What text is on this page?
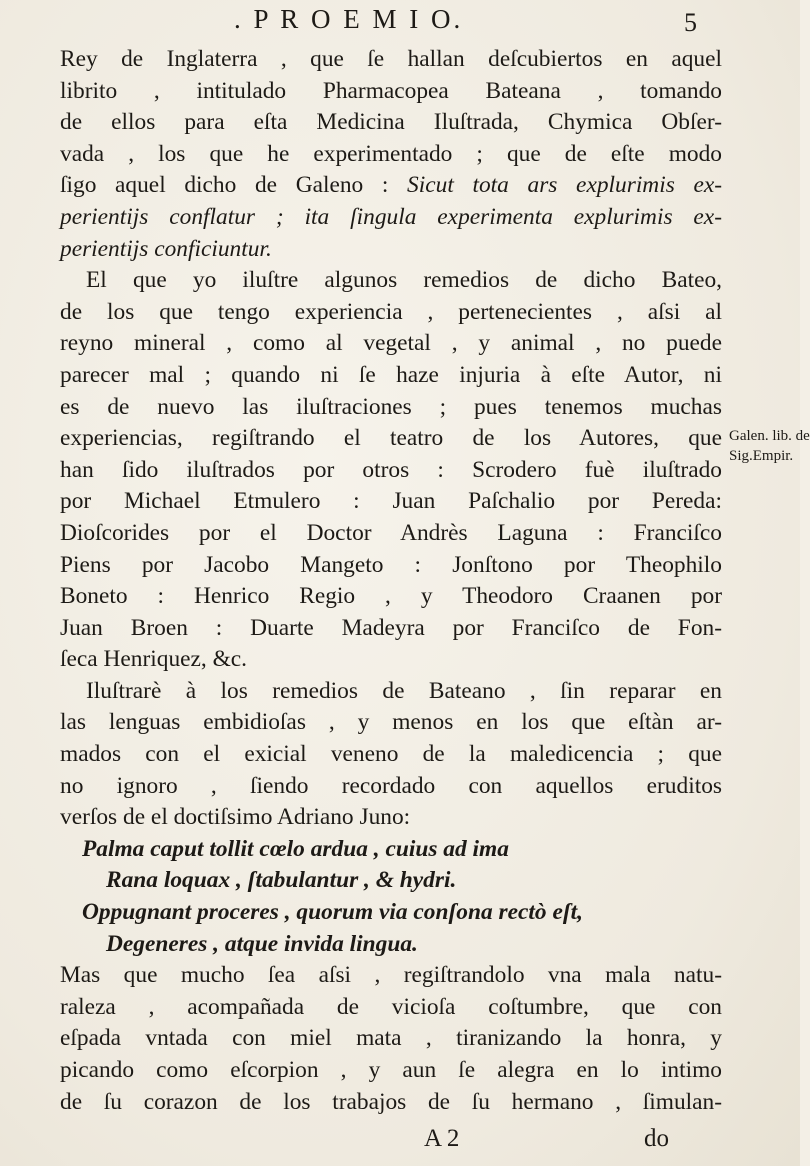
. P R O E M I O.	5
Rey de Inglaterra , que ſe hallan deſcubiertos en aquel
librito , intitulado Pharmacopea Bateana , tomando
de ellos para eſta Medicina Iluſtrada, Chymica Obſer-
vada , los que he experimentado ; que de eſte modo
ſigo aquel dicho de Galeno : Sicut tota ars explurimis ex-
perientijs conflatur ; ita ſingula experimenta explurimis ex-
perientijs conficiuntur.
El que yo iluſtre algunos remedios de dicho Bateo,
de los que tengo experiencia , pertenecientes , aſsi al
reyno mineral , como al vegetal , y animal , no puede
parecer mal ; quando ni ſe haze injuria à eſte Autor, ni
es de nuevo las iluſtraciones ; pues tenemos muchas
experiencias, regiſtrando el teatro de los Autores, que
han ſido iluſtrados por otros : Scrodero fuè iluſtrado
por Michael Etmulero : Juan Paſchalio por Pereda:
Dioſcorides por el Doctor Andrès Laguna : Franciſco
Piens por Jacobo Mangeto : Jonſtono por Theophilo
Boneto : Henrico Regio , y Theodoro Craanen por
Juan Broen : Duarte Madeyra por Franciſco de Fon-
ſeca Henriquez, &c.
Iluſtrarè à los remedios de Bateano , ſin reparar en
las lenguas embidioſas , y menos en los que eſtàn ar-
mados con el exicial veneno de la maledicencia ; que
no ignoro , ſiendo recordado con aquellos eruditos
verſos de el doctiſsimo Adriano Juno:
Palma caput tollit cœlo ardua , cuius ad ima
Rana loquax , ſtabulantur , & hydri.
Oppugnant proceres , quorum via conſona rectò eſt,
Degeneres , atque invida lingua.
Mas que mucho ſea aſsi , regiſtrandolo vna mala natu-
raleza , acompañada de vicioſa coſtumbre, que con
eſpada vntada con miel mata , tiranizando la honra, y
picando como eſcorpion , y aun ſe alegra en lo intimo
de ſu corazon de los trabajos de ſu hermano , ſimulan-
Galen. lib. de
Sig.Empir.
A 2	do
